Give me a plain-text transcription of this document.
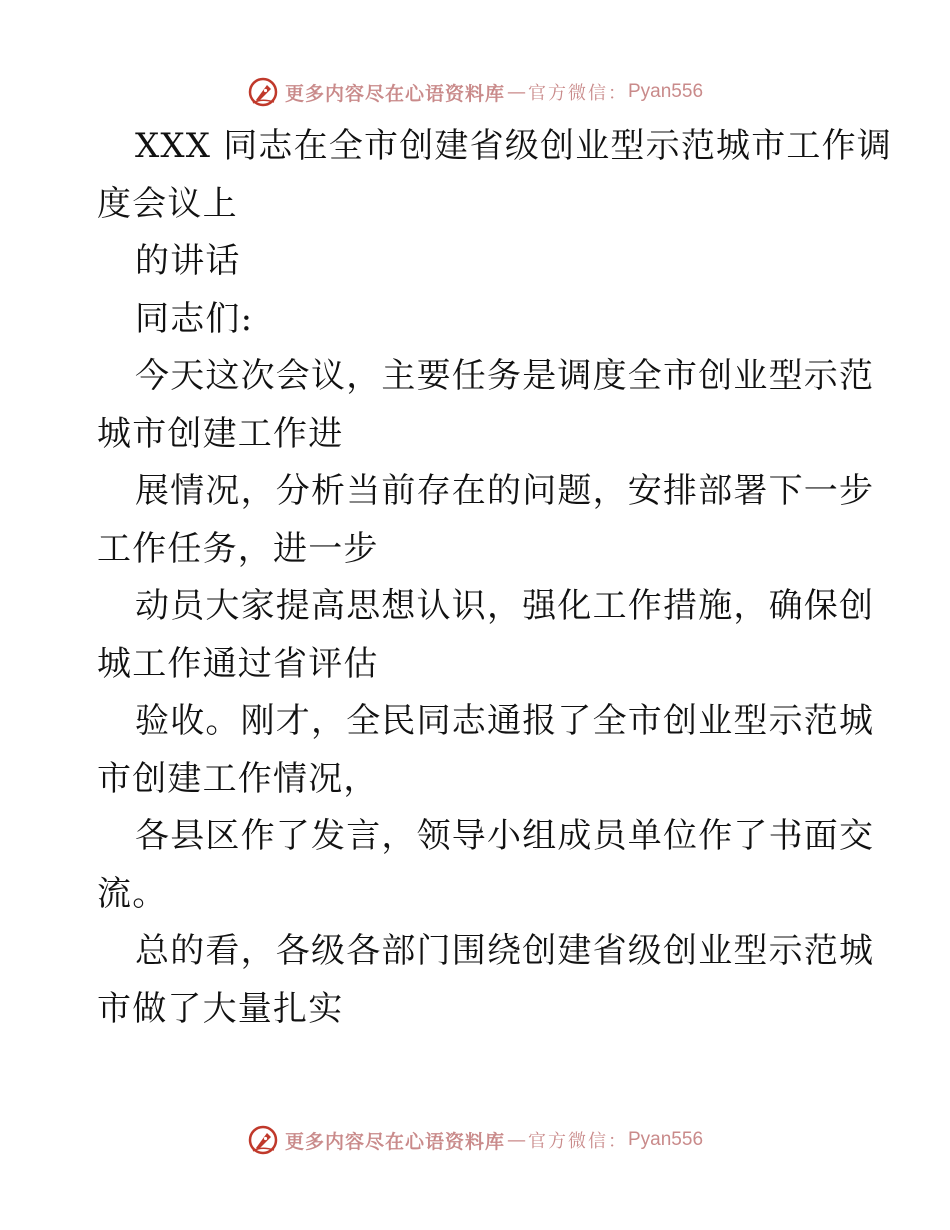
更多内容尽在心语资料库 — 官方微信： Pyan556
XXX 同志在全市创建省级创业型示范城市工作调
度会议上
的讲话
同志们:
今天这次会议，主要任务是调度全市创业型示范
城市创建工作进
展情况，分析当前存在的问题，安排部署下一步
工作任务，进一步
动员大家提高思想认识，强化工作措施，确保创
城工作通过省评估
验收。刚才，全民同志通报了全市创业型示范城
市创建工作情况，
各县区作了发言，领导小组成员单位作了书面交
流。
总的看，各级各部门围绕创建省级创业型示范城
市做了大量扎实
更多内容尽在心语资料库 — 官方微信： Pyan556
